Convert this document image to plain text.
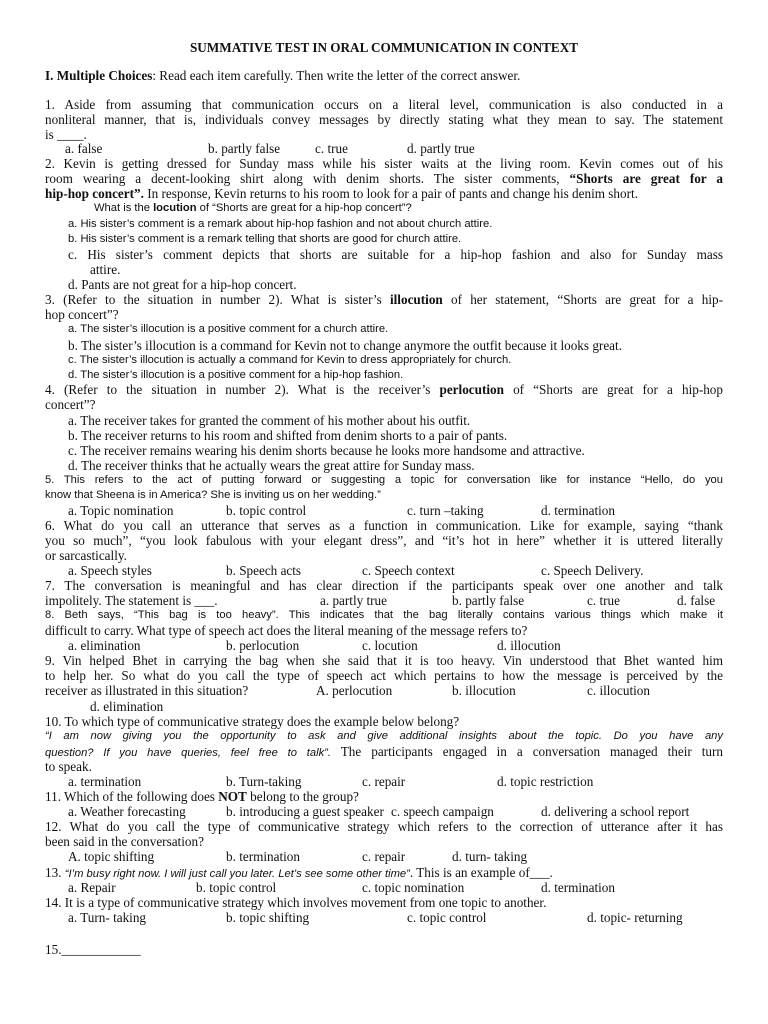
SUMMATIVE TEST IN ORAL COMMUNICATION IN CONTEXT
I. Multiple Choices: Read each item carefully. Then write the letter of the correct answer.
1. Aside from assuming that communication occurs on a literal level, communication is also conducted in a
nonliteral manner, that is, individuals convey messages by directly stating what they mean to say. The statement
is ____.
a. false	b. partly false	c. true	d. partly true
2. Kevin is getting dressed for Sunday mass while his sister waits at the living room. Kevin comes out of his
room wearing a decent-looking shirt along with denim shorts. The sister comments, “Shorts are great for a
hip-hop concert”. In response, Kevin returns to his room to look for a pair of pants and change his denim short.
What is the locution of “Shorts are great for a hip-hop concert”?
a. His sister’s comment is a remark about hip-hop fashion and not about church attire.
b. His sister’s comment is a remark telling that shorts are good for church attire.
c. His sister’s comment depicts that shorts are suitable for a hip-hop fashion and also for Sunday mass
attire.
d. Pants are not great for a hip-hop concert.
3. (Refer to the situation in number 2). What is sister’s illocution of her statement, “Shorts are great for a hip-
hop concert”?
a. The sister’s illocution is a positive comment for a church attire.
b. The sister’s illocution is a command for Kevin not to change anymore the outfit because it looks great.
c. The sister’s illocution is actually a command for Kevin to dress appropriately for church.
d. The sister’s illocution is a positive comment for a hip-hop fashion.
4. (Refer to the situation in number 2). What is the receiver’s perlocution of “Shorts are great for a hip-hop
concert”?
a. The receiver takes for granted the comment of his mother about his outfit.
b. The receiver returns to his room and shifted from denim shorts to a pair of pants.
c. The receiver remains wearing his denim shorts because he looks more handsome and attractive.
d. The receiver thinks that he actually wears the great attire for Sunday mass.
5. This refers to the act of putting forward or suggesting a topic for conversation like for instance “Hello, do you
know that Sheena is in America? She is inviting us on her wedding.”
a. Topic nomination	b. topic control	c. turn –taking	d. termination
6. What do you call an utterance that serves as a function in communication. Like for example, saying “thank
you so much”, “you look fabulous with your elegant dress”, and “it’s hot in here” whether it is uttered literally
or sarcastically.
a. Speech styles	b. Speech acts	c. Speech context	c. Speech Delivery.
7. The conversation is meaningful and has clear direction if the participants speak over one another and talk
impolitely. The statement is ___.	a. partly true	b. partly false	c. true	d. false
8. Beth says, “This bag is too heavy”. This indicates that the bag literally contains various things which make it
difficult to carry. What type of speech act does the literal meaning of the message refers to?
a. elimination	b. perlocution	c. locution	d. illocution
9. Vin helped Bhet in carrying the bag when she said that it is too heavy. Vin understood that Bhet wanted him
to help her. So what do you call the type of speech act which pertains to how the message is perceived by the
receiver as illustrated in this situation?	A. perlocution	b. illocution	c. illocution
d. elimination
10. To which type of communicative strategy does the example below belong?
“I am now giving you the opportunity to ask and give additional insights about the topic. Do you have any
question? If you have queries, feel free to talk”. The participants engaged in a conversation managed their turn
to speak.
a. termination	b. Turn-taking	c. repair	d. topic restriction
11. Which of the following does NOT belong to the group?
a. Weather forecasting	b. introducing a guest speaker c. speech campaign	d. delivering a school report
12. What do you call the type of communicative strategy which refers to the correction of utterance after it has
been said in the conversation?
A. topic shifting	b. termination	c. repair	d. turn- taking
13. “I’m busy right now. I will just call you later. Let’s see some other time”. This is an example of___.
a. Repair	b. topic control	c. topic nomination	d. termination
14. It is a type of communicative strategy which involves movement from one topic to another.
a. Turn- taking	b. topic shifting	c. topic control	d. topic- returning
15.____________
